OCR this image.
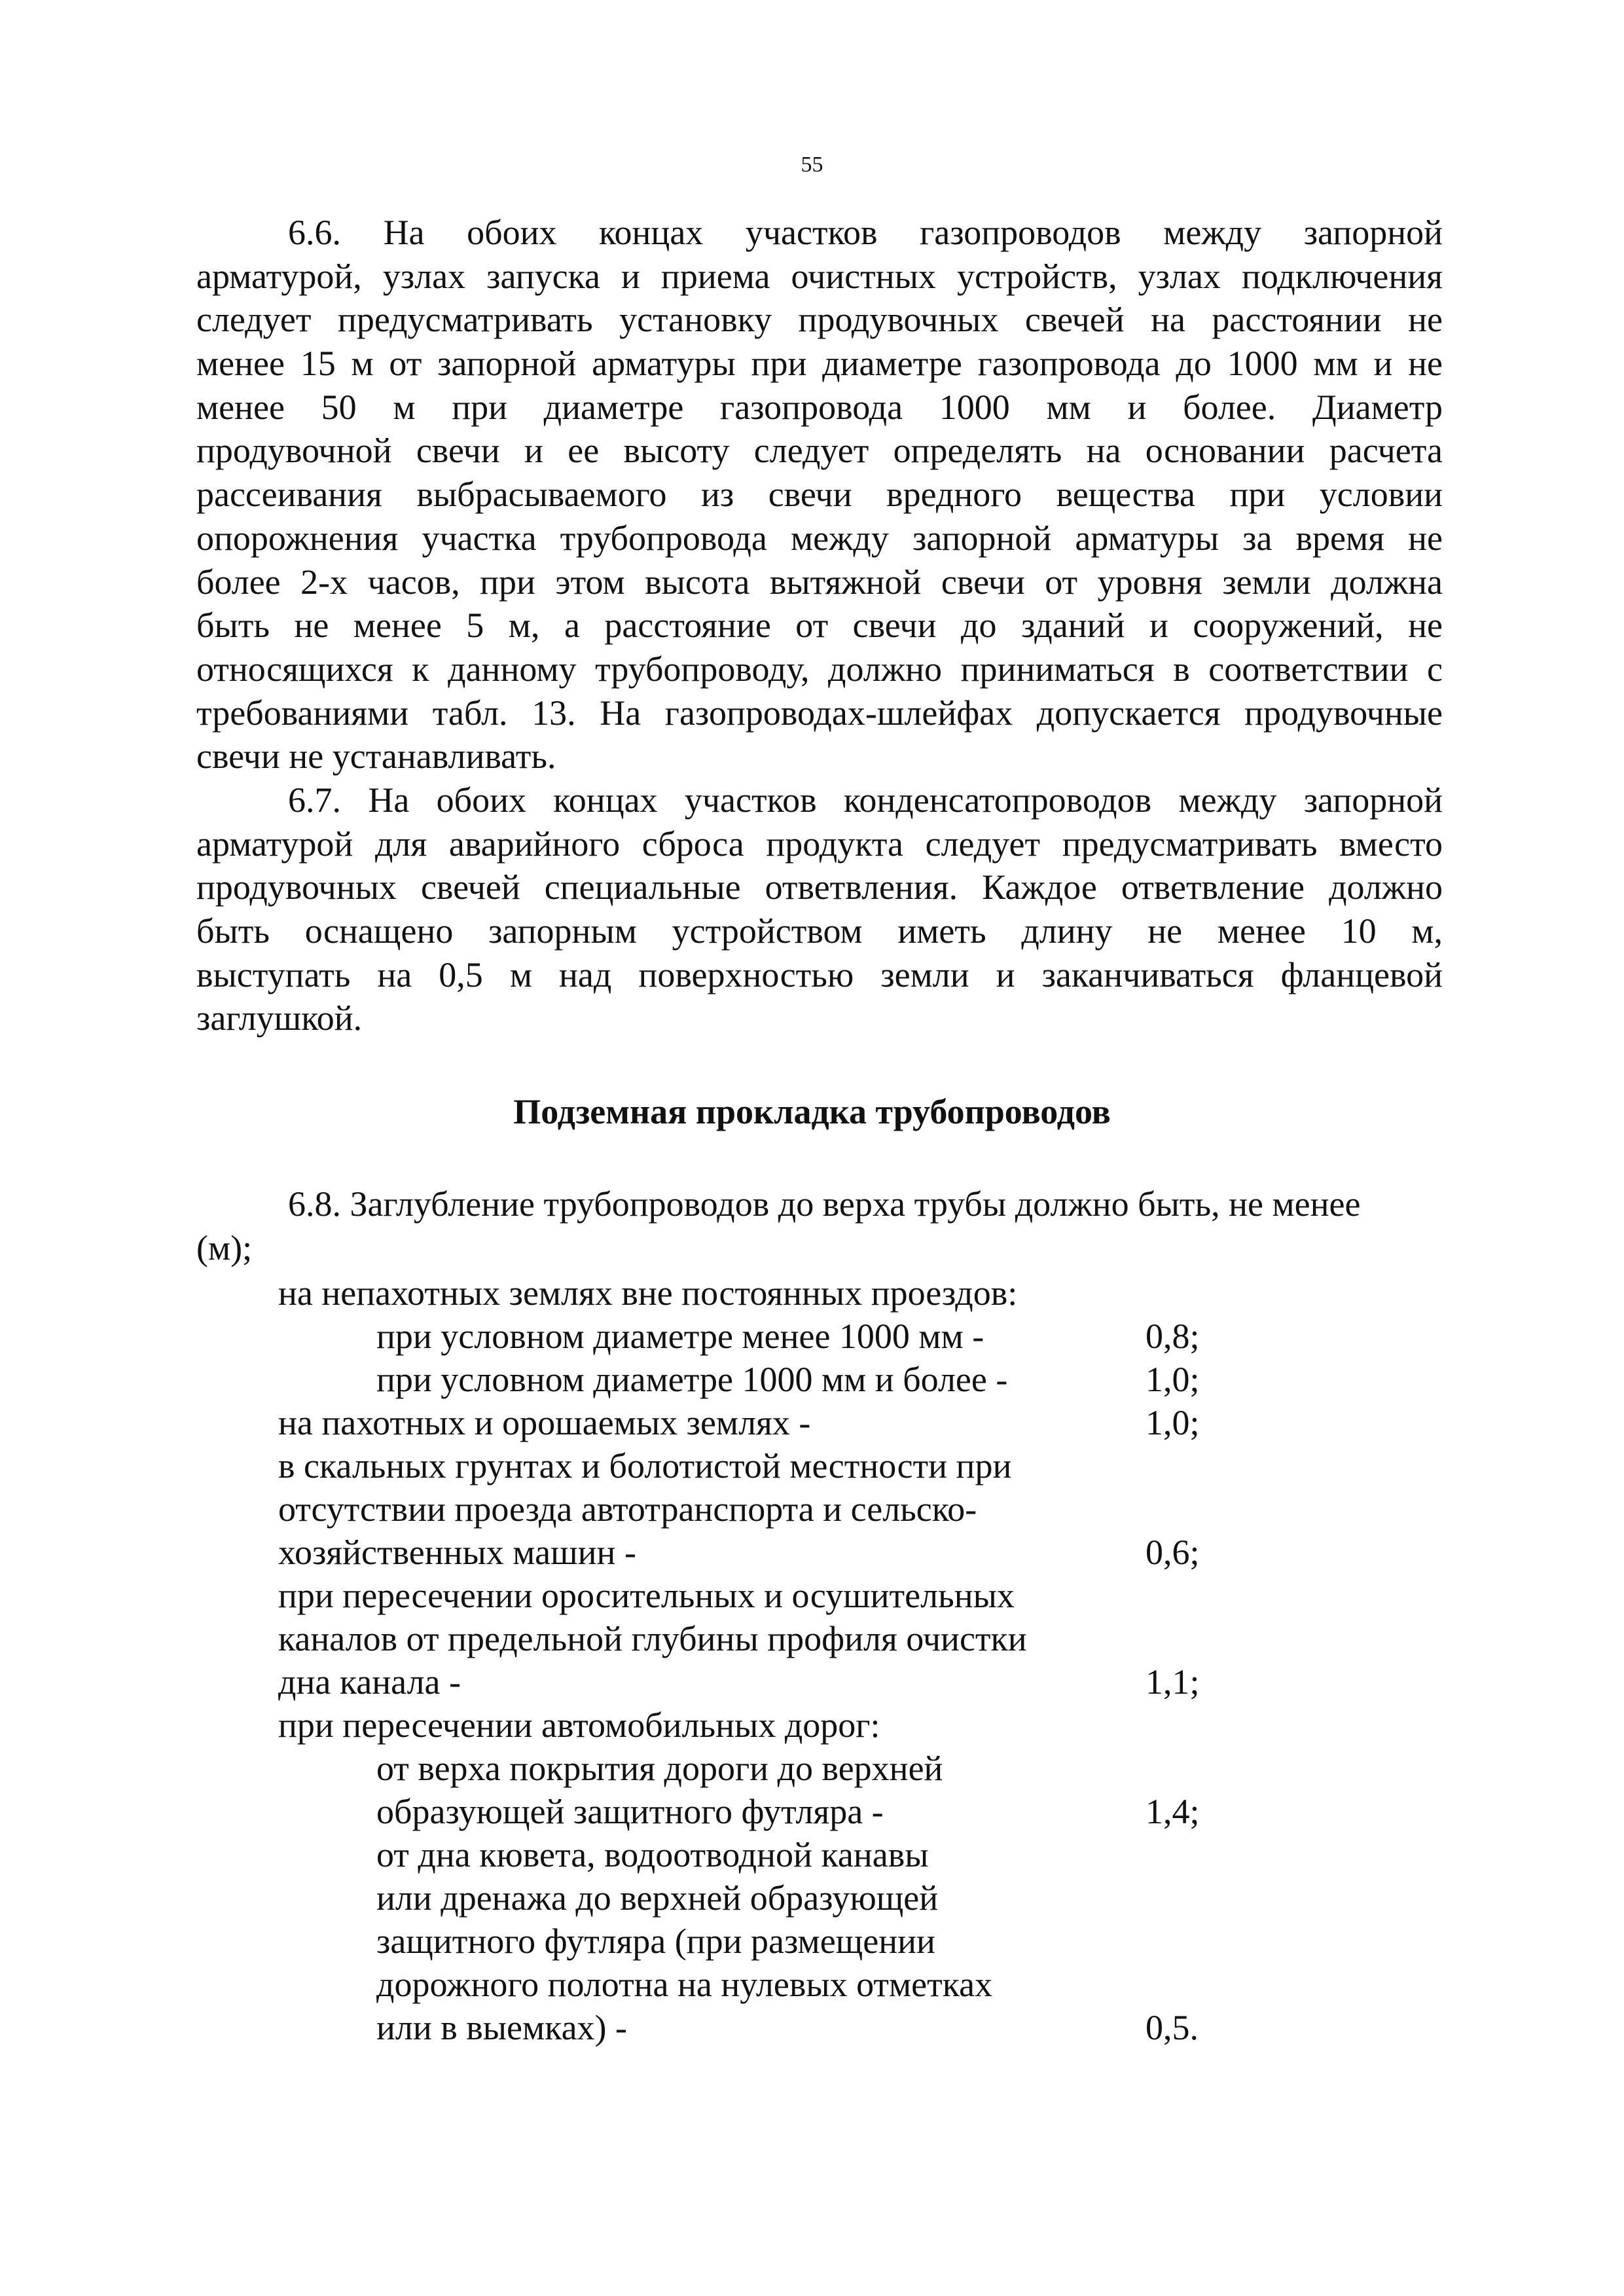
55
6.6. На обоих концах участков газопроводов между запорной
арматурой, узлах запуска и приема очистных устройств, узлах подключения
следует предусматривать установку продувочных свечей на расстоянии не
менее 15 м от запорной арматуры при диаметре газопровода до 1000 мм и не
менее 50 м при диаметре газопровода 1000 мм и более. Диаметр
продувочной свечи и ее высоту следует определять на основании расчета
рассеивания выбрасываемого из свечи вредного вещества при условии
опорожнения участка трубопровода между запорной арматуры за время не
более 2-х часов, при этом высота вытяжной свечи от уровня земли должна
быть не менее 5 м, а расстояние от свечи до зданий и сооружений, не
относящихся к данному трубопроводу, должно приниматься в соответствии с
требованиями табл. 13. На газопроводах-шлейфах допускается продувочные
свечи не устанавливать.
6.7. На обоих концах участков конденсатопроводов между запорной
арматурой для аварийного сброса продукта следует предусматривать вместо
продувочных свечей специальные ответвления. Каждое ответвление должно
быть оснащено запорным устройством иметь длину не менее 10 м,
выступать на 0,5 м над поверхностью земли и заканчиваться фланцевой
заглушкой.
Подземная прокладка трубопроводов
6.8. Заглубление трубопроводов до верха трубы должно быть, не менее
(м);
на непахотных землях вне постоянных проездов:
при условном диаметре менее 1000 мм -	0,8;
при условном диаметре 1000 мм и более -	1,0;
на пахотных и орошаемых землях -	1,0;
в скальных грунтах и болотистой местности при
отсутствии проезда автотранспорта и сельско-
хозяйственных машин -	0,6;
при пересечении оросительных и осушительных
каналов от предельной глубины профиля очистки
дна канала -	1,1;
при пересечении автомобильных дорог:
от верха покрытия дороги до верхней
образующей защитного футляра -	1,4;
от дна кювета, водоотводной канавы
или дренажа до верхней образующей
защитного футляра (при размещении
дорожного полотна на нулевых отметках
или в выемках) -	0,5.
